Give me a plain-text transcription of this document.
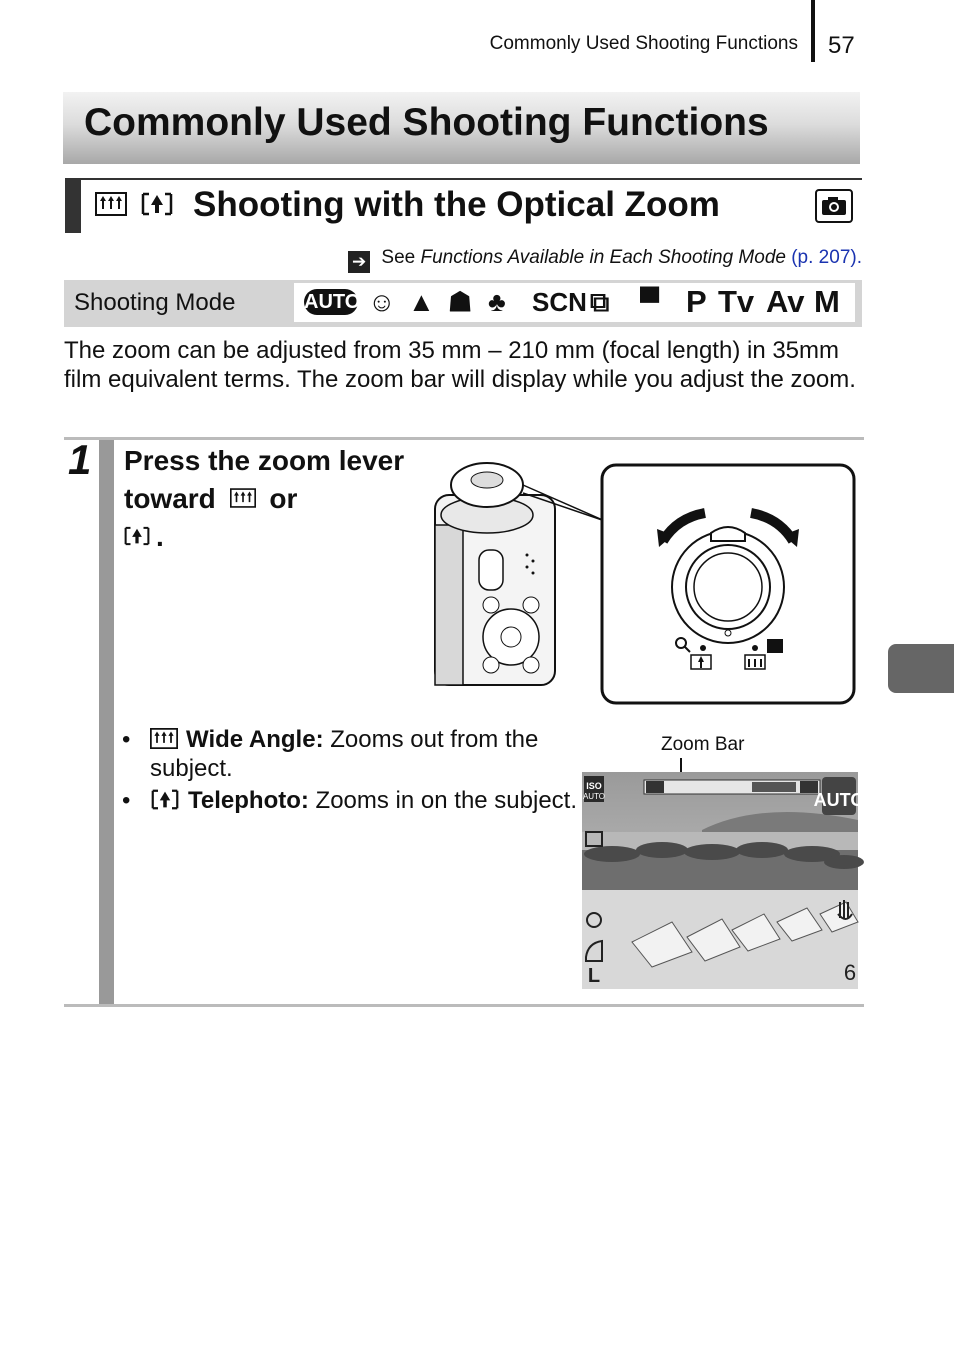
Commonly Used Shooting Functions 57
Commonly Used Shooting Functions
Shooting with the Optical Zoom
➔ See Functions Available in Each Shooting Mode (p. 207).
Shooting Mode	AUTO ☺ ▲ ☗ ♣ SCN ⧉ ▀ P Tv Av M
The zoom can be adjusted from 35 mm – 210 mm (focal length) in 35mm film equivalent terms. The zoom bar will display while you adjust the zoom.
1 Press the zoom lever toward or
.
• Wide Angle: Zooms out from the subject.
• Telephoto: Zooms in on the subject.
Zoom Bar
ISO
AUTO	AUTO
L	6
